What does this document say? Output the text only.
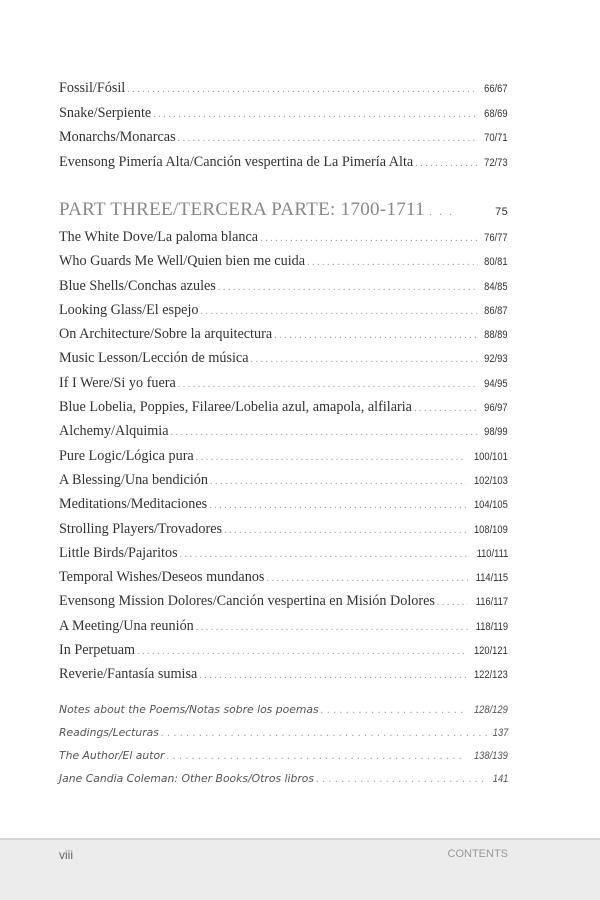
Fossil/Fósil . . .	66/67
Snake/Serpiente . . .	68/69
Monarchs/Monarcas . . .	70/71
Evensong Pimería Alta/Canción vespertina de La Pimería Alta . . .	72/73
PART THREE/TERCERA PARTE: 1700-1711 . . .	75
The White Dove/La paloma blanca . . .	76/77
Who Guards Me Well/Quien bien me cuida . . .	80/81
Blue Shells/Conchas azules . . .	84/85
Looking Glass/El espejo . . .	86/87
On Architecture/Sobre la arquitectura . . .	88/89
Music Lesson/Lección de música . . .	92/93
If I Were/Si yo fuera . . .	94/95
Blue Lobelia, Poppies, Filaree/Lobelia azul, amapola, alfilaria . . .	96/97
Alchemy/Alquimia . . .	98/99
Pure Logic/Lógica pura . . .	100/101
A Blessing/Una bendición . . .	102/103
Meditations/Meditaciones . . .	104/105
Strolling Players/Trovadores . . .	108/109
Little Birds/Pajaritos . . .	110/111
Temporal Wishes/Deseos mundanos . . .	114/115
Evensong Mission Dolores/Canción vespertina en Misión Dolores . . .	116/117
A Meeting/Una reunión . . .	118/119
In Perpetuam . . .	120/121
Reverie/Fantasía sumisa . . .	122/123
Notes about the Poems/Notas sobre los poemas . . .	128/129
Readings/Lecturas . . .	137
The Author/El autor . . .	138/139
Jane Candia Coleman: Other Books/Otros libros . . .	141
viii	CONTENTS
